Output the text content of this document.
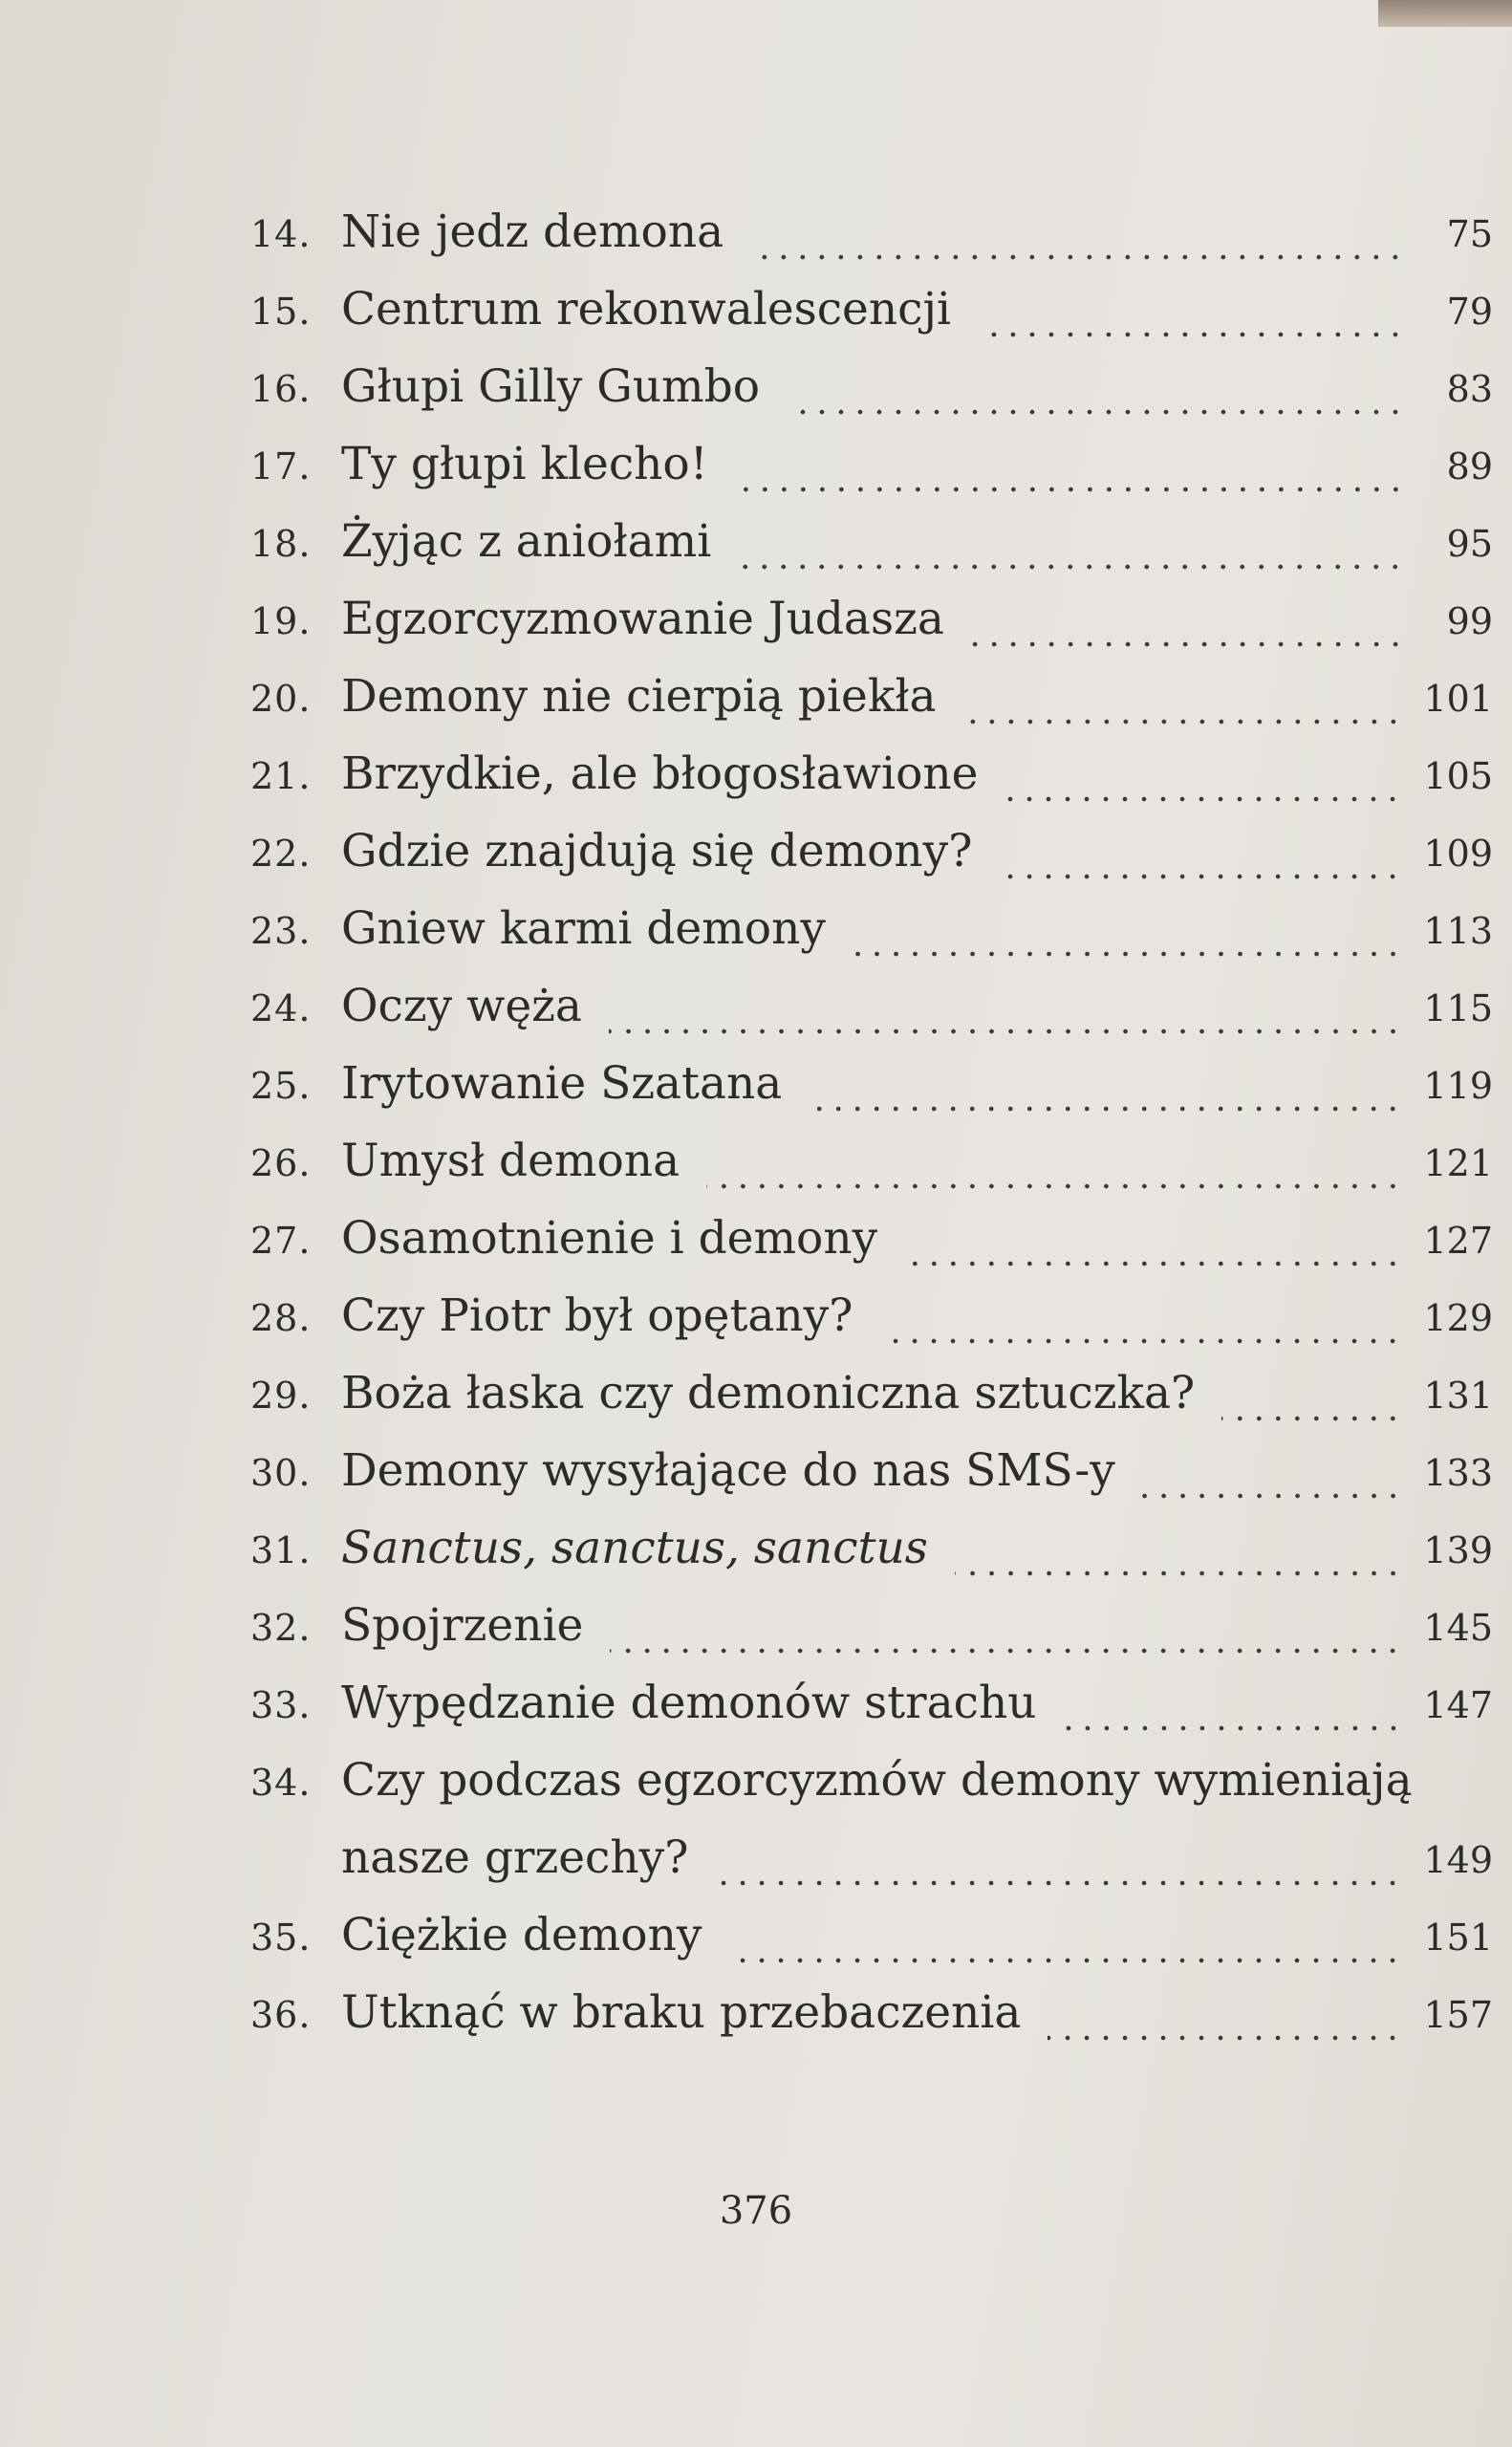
14. Nie jedz demona	75
15. Centrum rekonwalescencji	79
16. Głupi Gilly Gumbo	83
17. Ty głupi klecho!	89
18. Żyjąc z aniołami	95
19. Egzorcyzmowanie Judasza	99
20. Demony nie cierpią piekła	101
21. Brzydkie, ale błogosławione	105
22. Gdzie znajdują się demony?	109
23. Gniew karmi demony	113
24. Oczy węża	115
25. Irytowanie Szatana	119
26. Umysł demona	121
27. Osamotnienie i demony	127
28. Czy Piotr był opętany?	129
29. Boża łaska czy demoniczna sztuczka?	131
30. Demony wysyłające do nas SMS-y	133
31. Sanctus, sanctus, sanctus	139
32. Spojrzenie	145
33. Wypędzanie demonów strachu	147
34. Czy podczas egzorcyzmów demony wymieniają
nasze grzechy?	149
35. Ciężkie demony	151
36. Utknąć w braku przebaczenia	157
376
